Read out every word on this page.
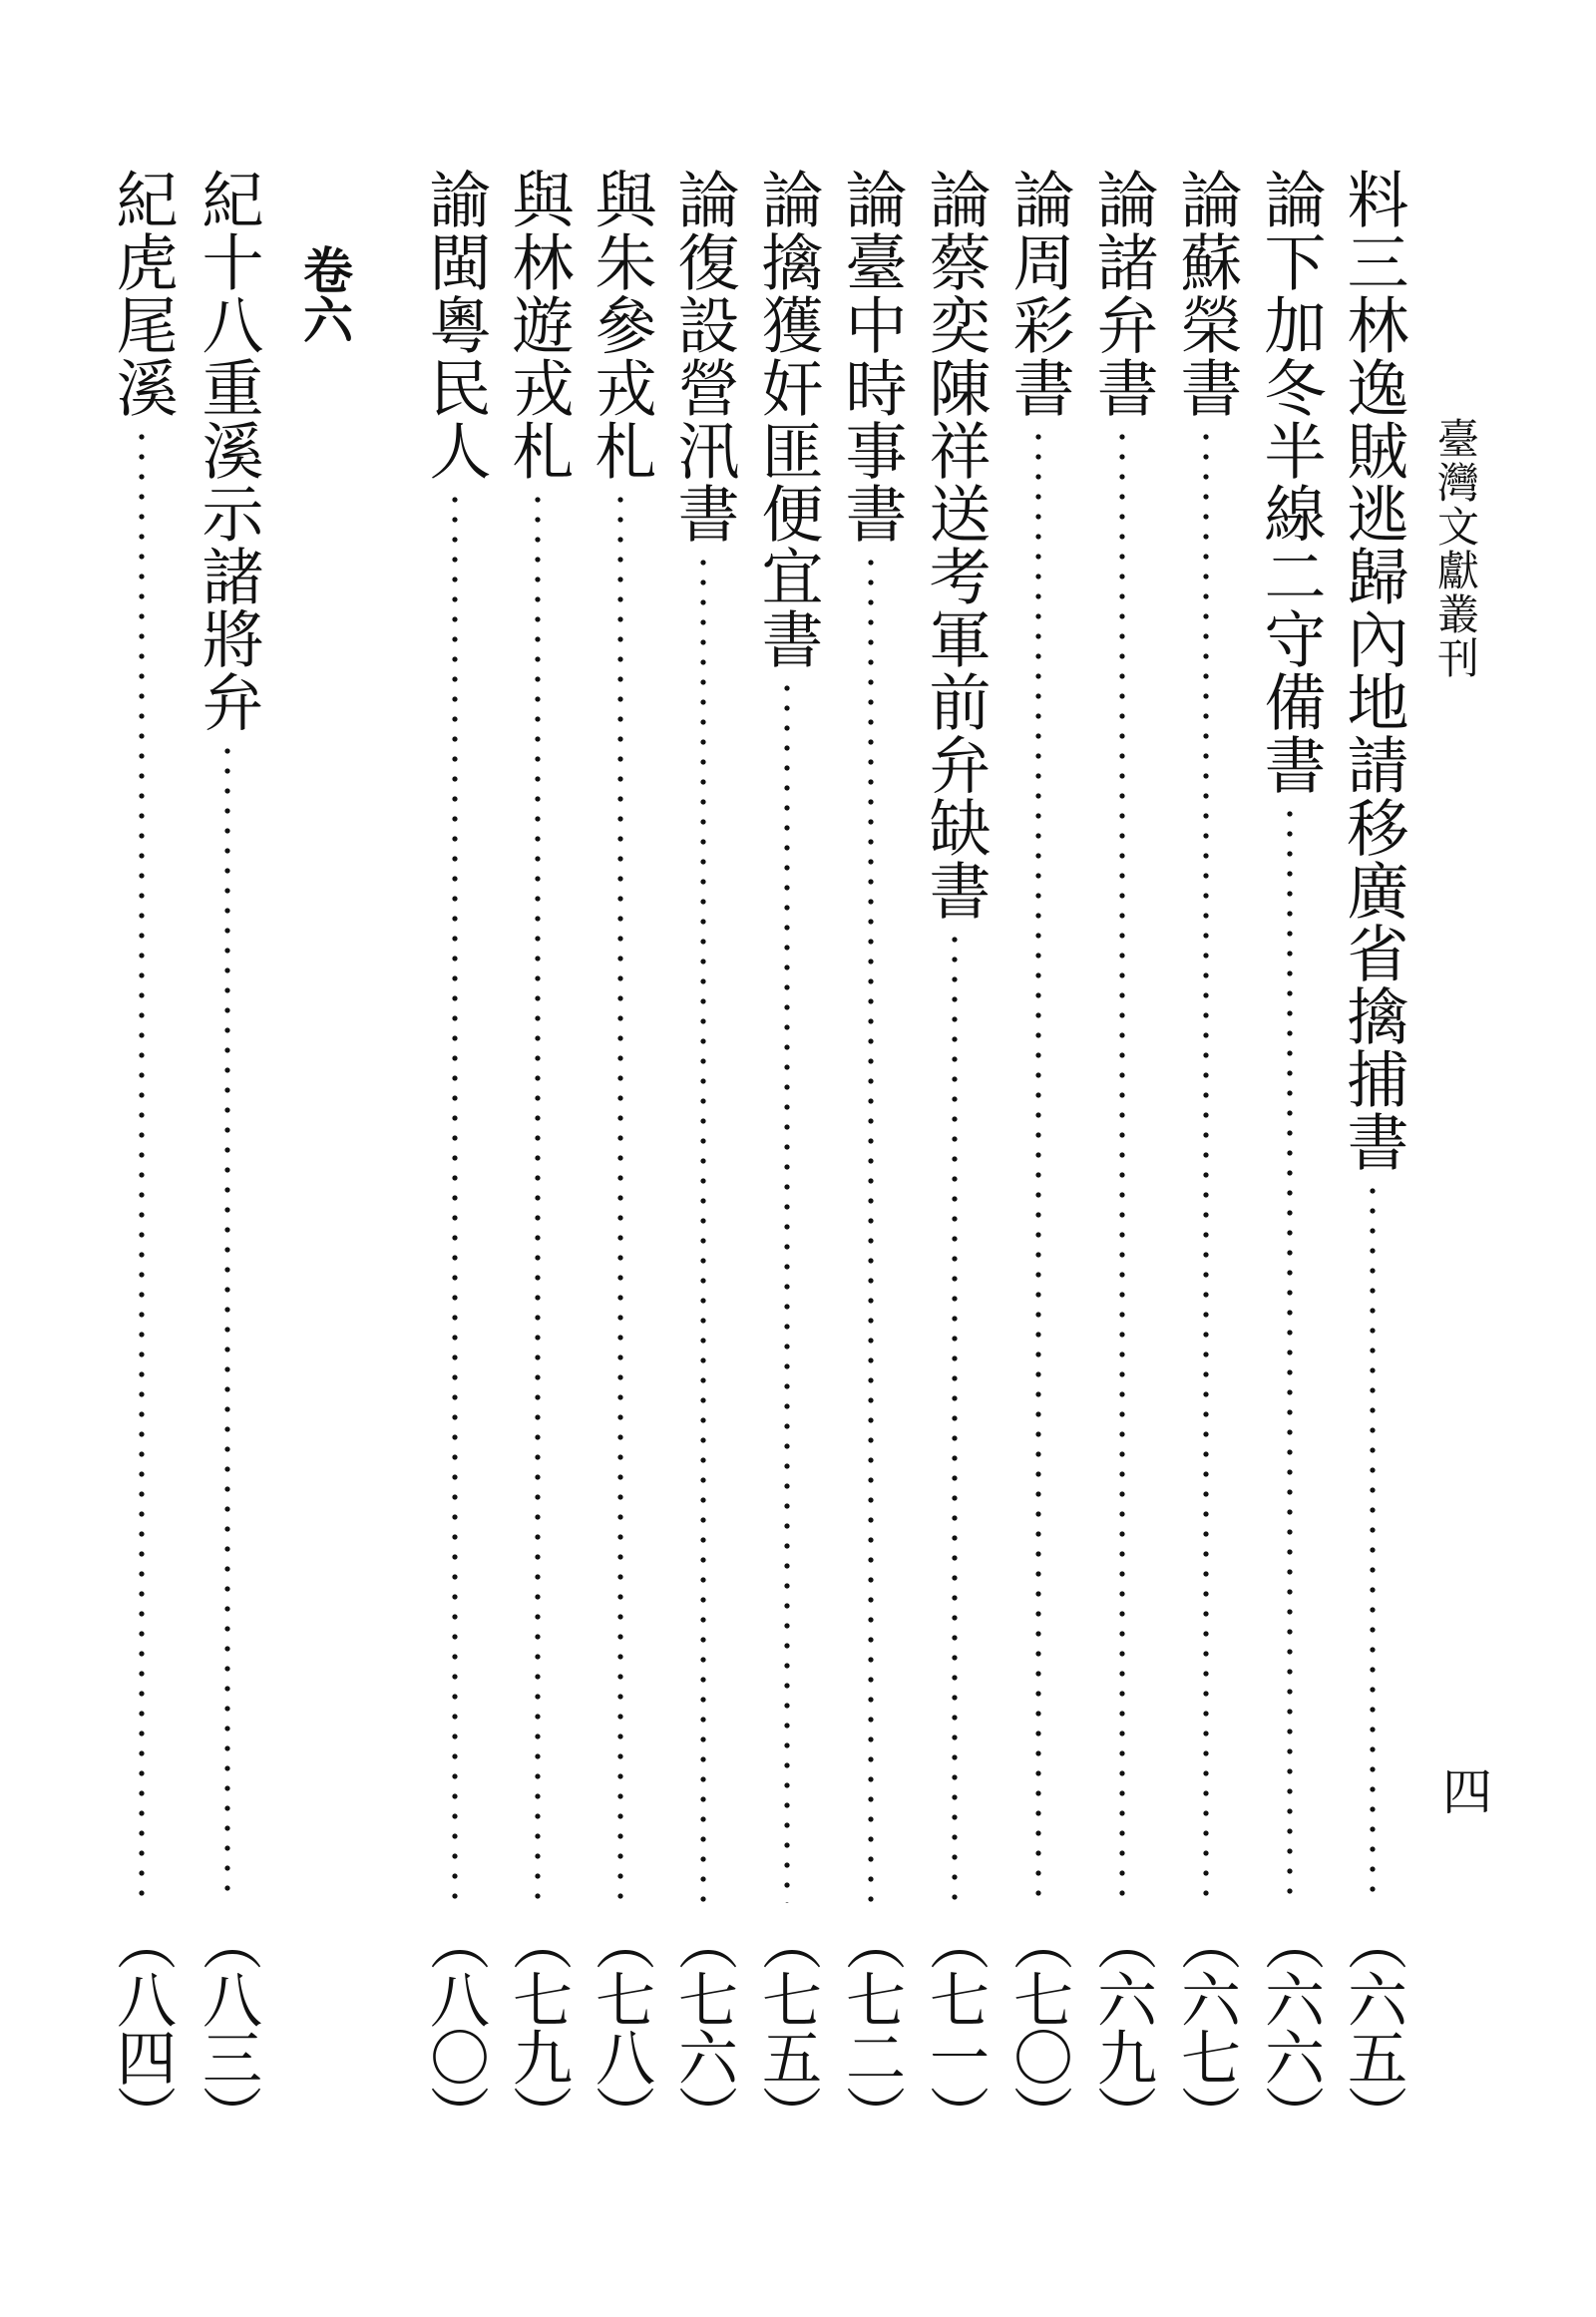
臺灣文獻叢刊
四
料三林逸賊逃歸內地請移廣省擒捕書
（六五）
論下加冬半線二守備書
（六六）
論蘇榮書
（六七）
論諸弁書
（六九）
論周彩書
（七〇）
論蔡奕陳祥送考軍前弁缺書
（七一）
論臺中時事書
（七二）
論擒獲奸匪便宜書
（七五）
論復設營汛書
（七六）
與朱參戎札
（七八）
與林遊戎札
（七九）
諭閩粵民人
（八〇）
卷六
紀十八重溪示諸將弁
（八三）
紀虎尾溪
（八四）
